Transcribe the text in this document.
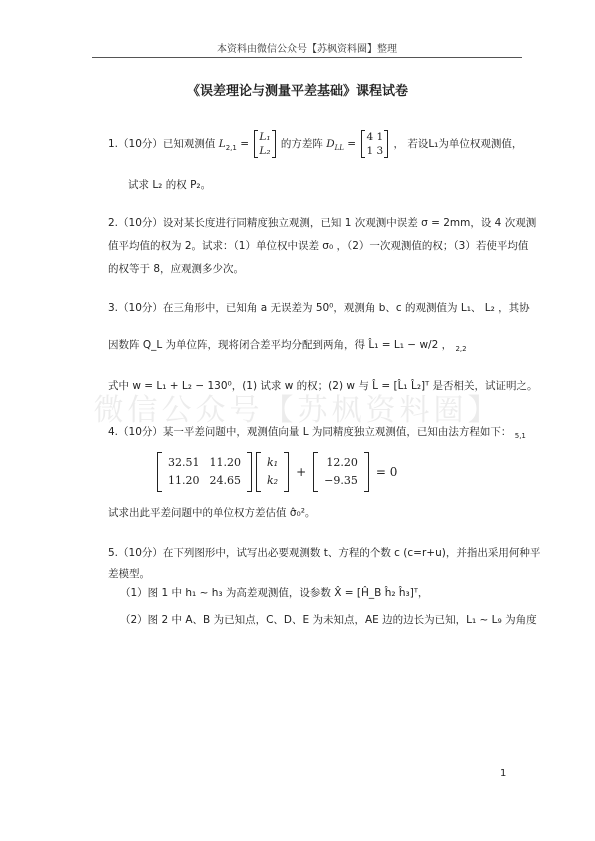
本资料由微信公众号【苏枫资料圈】整理
《误差理论与测量平差基础》课程试卷
微信公众号【苏枫资料圈】
1.（10分）已知观测值 $L_{2,1}$ =
L₁
L₂
的方差阵 $D_{LL}$ =
4 1
1 3
， 若设L₁为单位权观测值，
试求 L₂ 的权 P₂。
2.（10分）设对某长度进行同精度独立观测，已知 1 次观测中误差 σ = 2mm，设 4 次观测
值平均值的权为 2。试求：（1）单位权中误差 σ₀ ，（2）一次观测值的权；（3）若使平均值
的权等于 8，应观测多少次。
3.（10分）在三角形中，已知角 a 无误差为 50⁰，观测角 b、c 的观测值为 L₁、 L₂ ，其协
因数阵 Q_L 为单位阵，现将闭合差平均分配到两角，得 L̂₁ = L₁ − w/2 ， $_{2,2}$
式中 w = L₁ + L₂ − 130⁰，(1) 试求 w 的权；(2) w 与 L̂ = [L̂₁ L̂₂]ᵀ 是否相关，试证明之。
4.（10分）某一平差问题中，观测值向量 L 为同精度独立观测值，已知由法方程如下： $_{5,1}$
32.51	11.20
11.20	24.65
k₁
k₂
+
12.20
−9.35
= 0
试求出此平差问题中的单位权方差估值 σ̂₀²。
5.（10分）在下列图形中，试写出必要观测数 t、方程的个数 c (c=r+u)，并指出采用何种平
差模型。
（1）图 1 中 h₁ ~ h₃ 为高差观测值，设参数 X̂ = [Ĥ_B ĥ₂ ĥ₃]ᵀ，
（2）图 2 中 A、B 为已知点，C、D、E 为未知点，AE 边的边长为已知，L₁ ~ L₉ 为角度
1
